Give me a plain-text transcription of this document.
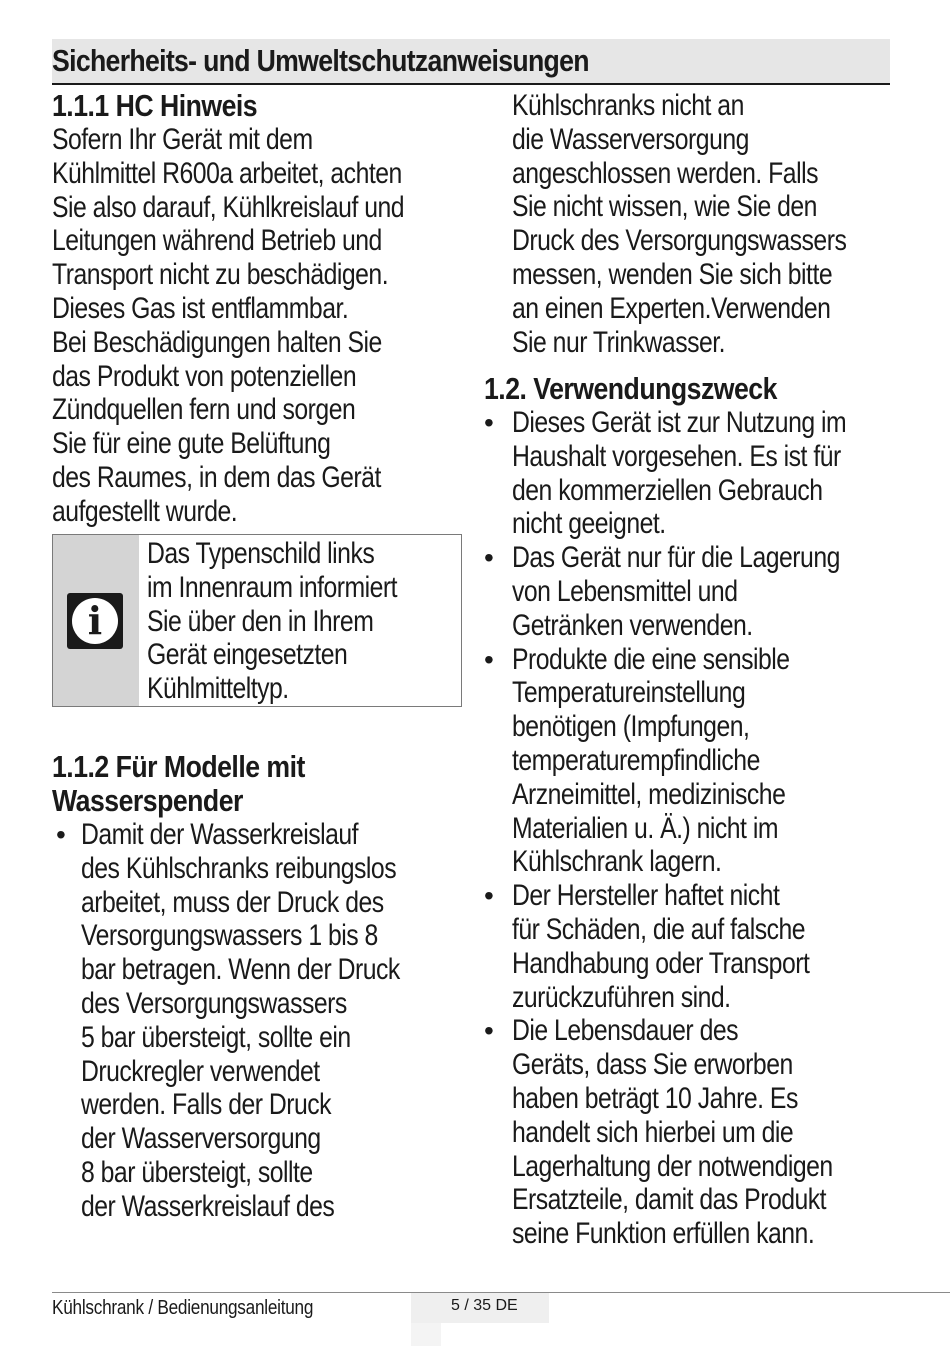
Sicherheits- und Umweltschutzanweisungen
1.1.1 HC Hinweis
Sofern Ihr Gerät mit dem
Kühlmittel R600a arbeitet, achten
Sie also darauf, Kühlkreislauf und
Leitungen während Betrieb und
Transport nicht zu beschädigen.
Dieses Gas ist entflammbar.
Bei Beschädigungen halten Sie
das Produkt von potenziellen
Zündquellen fern und sorgen
Sie für eine gute Belüftung
des Raumes, in dem das Gerät
aufgestellt wurde.
i
Das Typenschild links
im Innenraum informiert
Sie über den in Ihrem
Gerät eingesetzten
Kühlmitteltyp.
1.1.2 Für Modelle mit
Wasserspender
• Damit der Wasserkreislauf
des Kühlschranks reibungslos
arbeitet, muss der Druck des
Versorgungswassers 1 bis 8
bar betragen. Wenn der Druck
des Versorgungswassers
5 bar übersteigt, sollte ein
Druckregler verwendet
werden. Falls der Druck
der Wasserversorgung
8 bar übersteigt, sollte
der Wasserkreislauf des
Kühlschranks nicht an
die Wasserversorgung
angeschlossen werden. Falls
Sie nicht wissen, wie Sie den
Druck des Versorgungswassers
messen, wenden Sie sich bitte
an einen Experten.Verwenden
Sie nur Trinkwasser.
1.2. Verwendungszweck
• Dieses Gerät ist zur Nutzung im
Haushalt vorgesehen. Es ist für
den kommerziellen Gebrauch
nicht geeignet.
• Das Gerät nur für die Lagerung
von Lebensmittel und
Getränken verwenden.
• Produkte die eine sensible
Temperatureinstellung
benötigen (Impfungen,
temperaturempfindliche
Arzneimittel, medizinische
Materialien u. Ä.) nicht im
Kühlschrank lagern.
• Der Hersteller haftet nicht
für Schäden, die auf falsche
Handhabung oder Transport
zurückzuführen sind.
• Die Lebensdauer des
Geräts, dass Sie erworben
haben beträgt 10 Jahre. Es
handelt sich hierbei um die
Lagerhaltung der notwendigen
Ersatzteile, damit das Produkt
seine Funktion erfüllen kann.
Kühlschrank / Bedienungsanleitung	5 / 35 DE
